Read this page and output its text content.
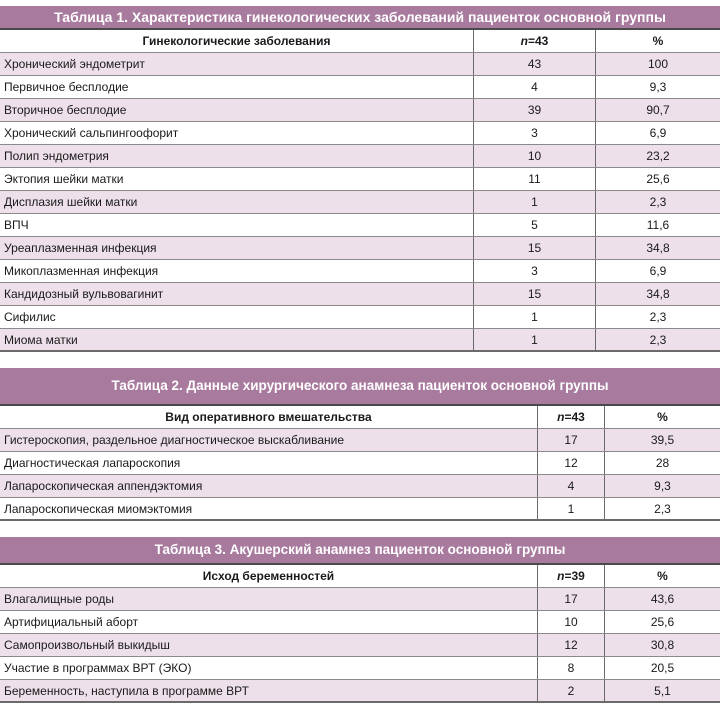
Таблица 1. Характеристика гинекологических заболеваний пациенток основной группы
Гинекологические заболевания	n =43	%
Хронический эндометрит	43	100
Первичное бесплодие	4	9,3
Вторичное бесплодие	39	90,7
Хронический сальпингоофорит	3	6,9
Полип эндометрия	10	23,2
Эктопия шейки матки	11	25,6
Дисплазия шейки матки	1	2,3
ВПЧ	5	11,6
Уреаплазменная инфекция	15	34,8
Микоплазменная инфекция	3	6,9
Кандидозный вульвовагинит	15	34,8
Сифилис	1	2,3
Миома матки	1	2,3
Таблица 2. Данные хирургического анамнеза пациенток основной группы
Вид оперативного вмешательства	n =43	%
Гистероскопия, раздельное диагностическое выскабливание	17	39,5
Диагностическая лапароскопия	12	28
Лапароскопическая аппендэктомия	4	9,3
Лапароскопическая миомэктомия	1	2,3
Таблица 3. Акушерский анамнез пациенток основной группы
Исход беременностей	n =39	%
Влагалищные роды	17	43,6
Артифициальный аборт	10	25,6
Самопроизвольный выкидыш	12	30,8
Участие в программах ВРТ (ЭКО)	8	20,5
Беременность, наступила в программе ВРТ	2	5,1
